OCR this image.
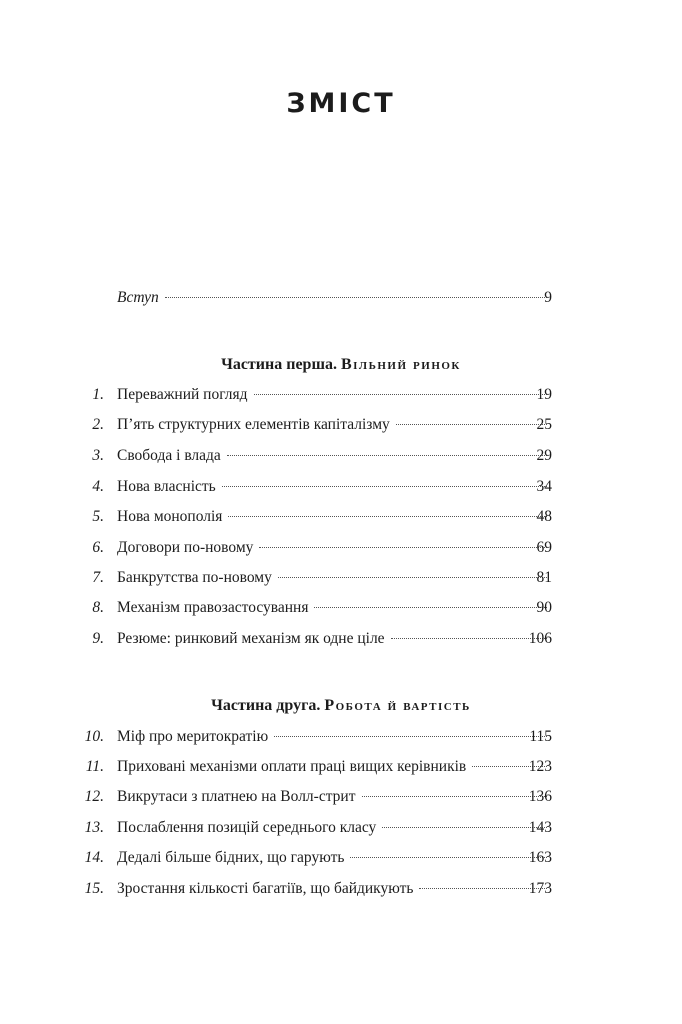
ЗМІСТ
Вступ	9
Частина перша. Вільний ринок
1. Переважний погляд	19
2. П’ять структурних елементів капіталізму	25
3. Свобода і влада	29
4. Нова власність	34
5. Нова монополія	48
6. Договори по-новому	69
7. Банкрутства по-новому	81
8. Механізм правозастосування	90
9. Резюме: ринковий механізм як одне ціле	106
Частина друга. Робота й вартість
10. Міф про меритократію	115
11. Приховані механізми оплати праці вищих керівників	123
12. Викрутаси з платнею на Волл-стрит	136
13. Послаблення позицій середнього класу	143
14. Дедалі більше бідних, що гарують	163
15. Зростання кількості багатіїв, що байдикують	173
